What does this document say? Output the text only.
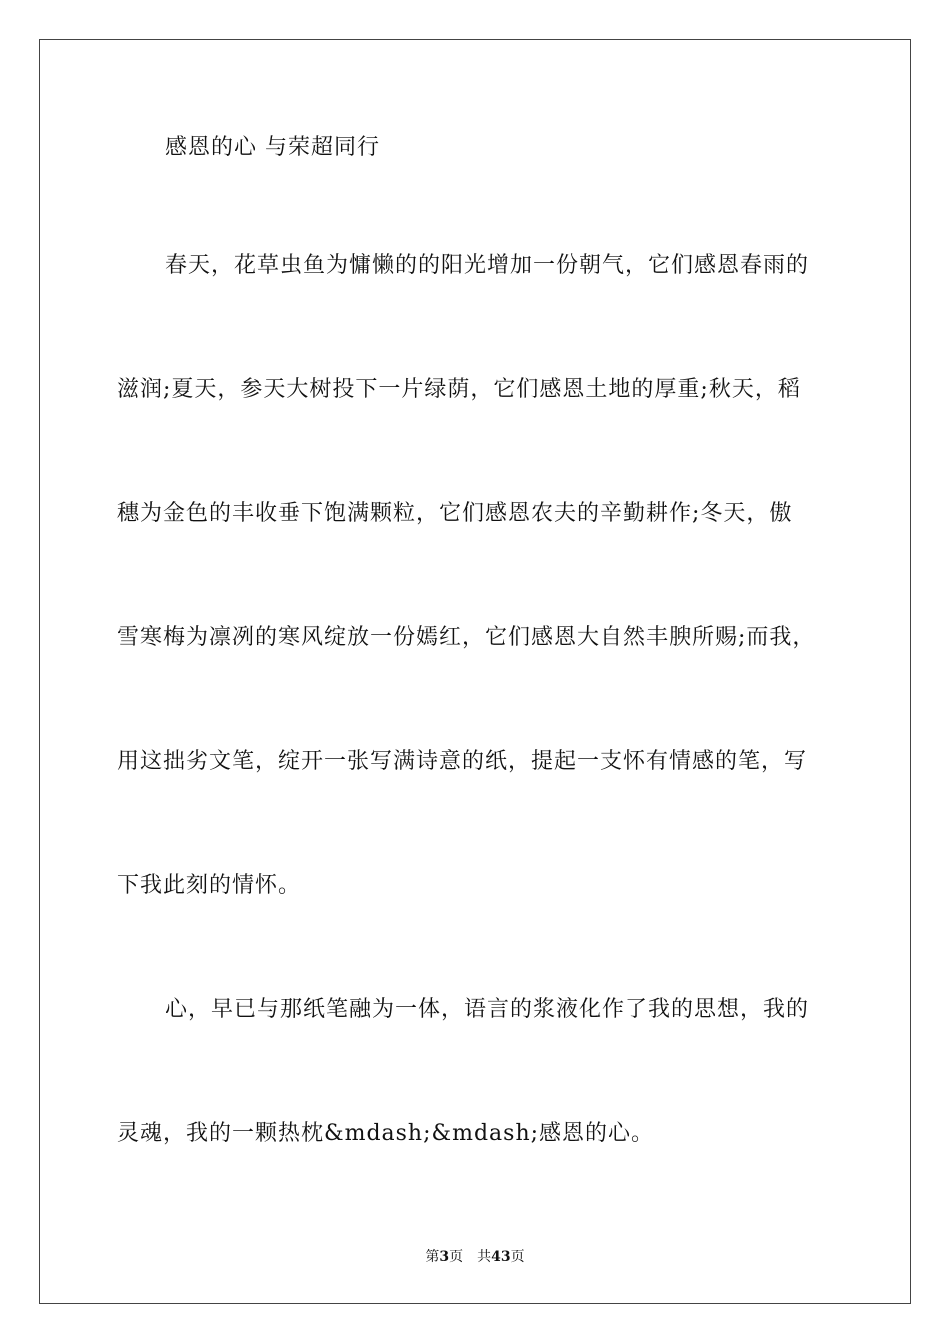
感恩的心 与荣超同行
春天，花草虫鱼为慵懒的的阳光增加一份朝气，它们感恩春雨的
滋润;夏天，参天大树投下一片绿荫，它们感恩土地的厚重;秋天，稻
穗为金色的丰收垂下饱满颗粒，它们感恩农夫的辛勤耕作;冬天，傲
雪寒梅为凛冽的寒风绽放一份嫣红，它们感恩大自然丰腴所赐;而我，
用这拙劣文笔，绽开一张写满诗意的纸，提起一支怀有情感的笔，写
下我此刻的情怀。
心，早已与那纸笔融为一体，语言的浆液化作了我的思想，我的
灵魂，我的一颗热枕&mdash;&mdash;感恩的心。
第3页 共43页
